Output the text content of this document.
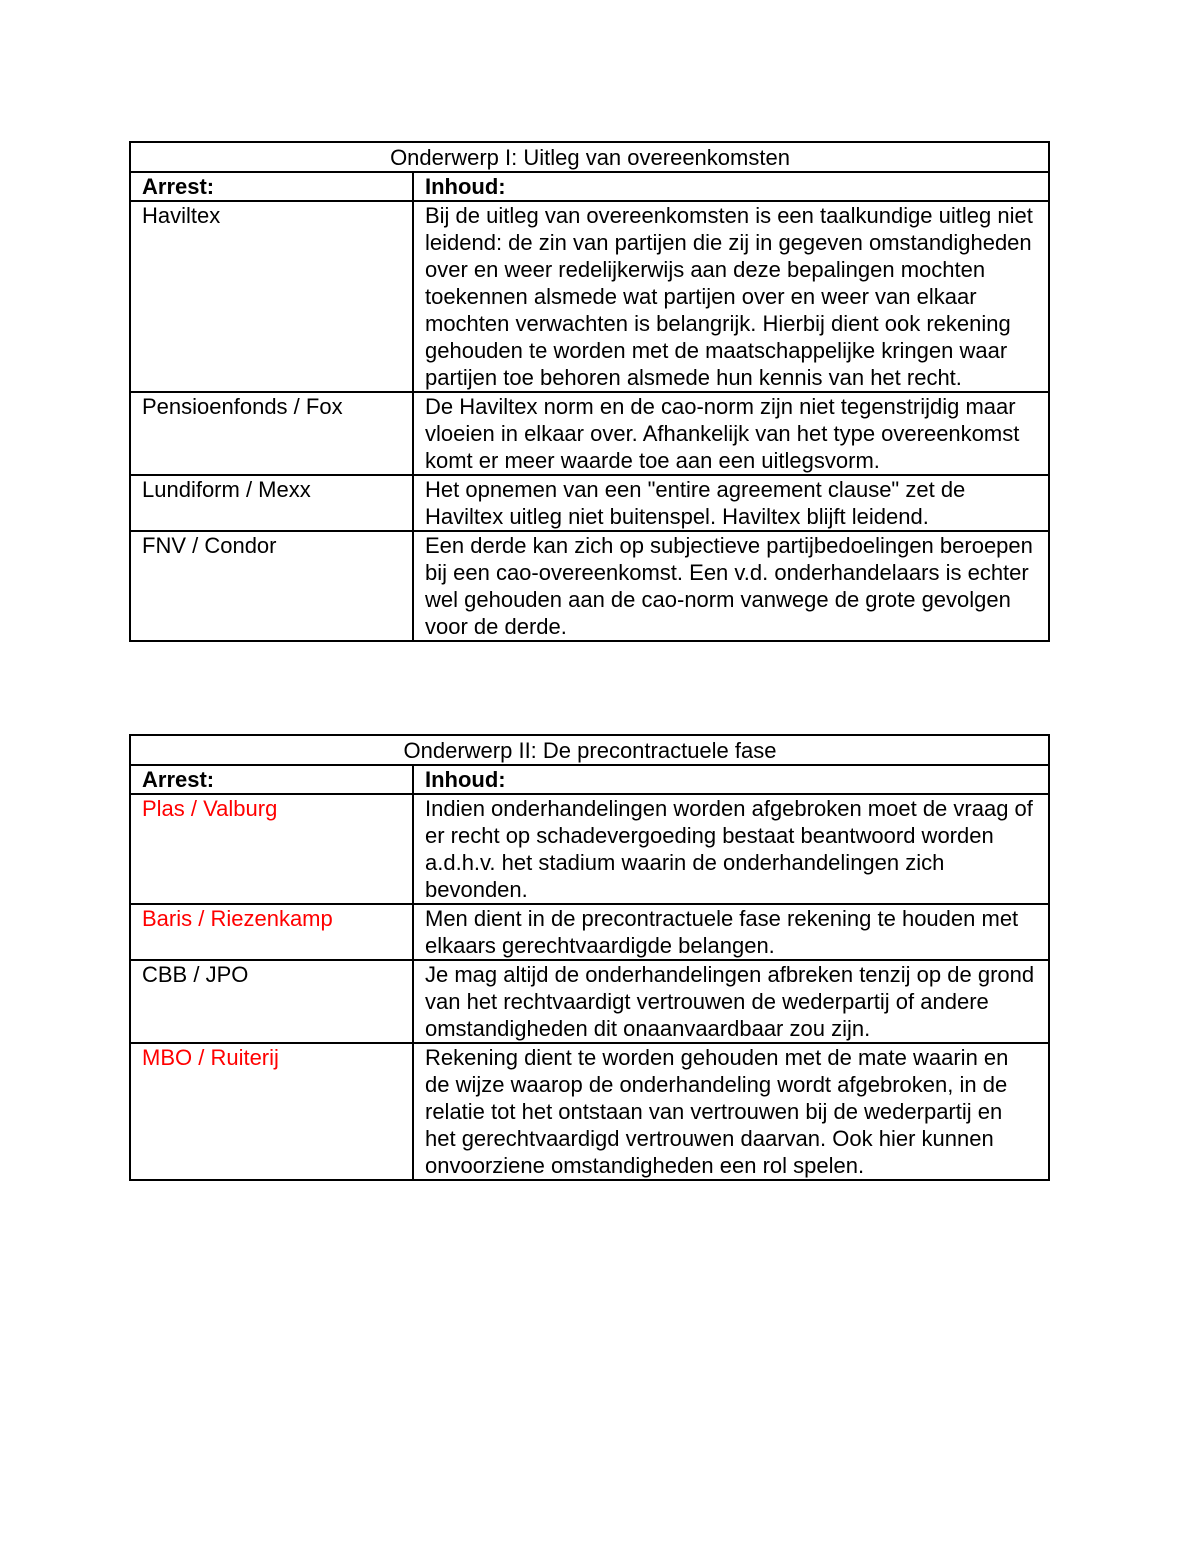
Onderwerp I: Uitleg van overeenkomsten	
Arrest:	Inhoud:
Haviltex	Bij de uitleg van overeenkomsten is een taalkundige uitleg niet leidend: de zin van partijen die zij in gegeven omstandigheden over en weer redelijkerwijs aan deze bepalingen mochten toekennen alsmede wat partijen over en weer van elkaar mochten verwachten is belangrijk. Hierbij dient ook rekening gehouden te worden met de maatschappelijke kringen waar partijen toe behoren alsmede hun kennis van het recht.
Pensioenfonds / Fox	De Haviltex norm en de cao-norm zijn niet tegenstrijdig maar vloeien in elkaar over. Afhankelijk van het type overeenkomst komt er meer waarde toe aan een uitlegsvorm.
Lundiform / Mexx	Het opnemen van een "entire agreement clause" zet de Haviltex uitleg niet buitenspel. Haviltex blijft leidend.
FNV / Condor	Een derde kan zich op subjectieve partijbedoelingen beroepen bij een cao-overeenkomst. Een v.d. onderhandelaars is echter wel gehouden aan de cao-norm vanwege de grote gevolgen voor de derde.
Onderwerp II: De precontractuele fase	
Arrest:	Inhoud:
Plas / Valburg	Indien onderhandelingen worden afgebroken moet de vraag of er recht op schadevergoeding bestaat beantwoord worden a.d.h.v. het stadium waarin de onderhandelingen zich bevonden.
Baris / Riezenkamp	Men dient in de precontractuele fase rekening te houden met elkaars gerechtvaardigde belangen.
CBB / JPO	Je mag altijd de onderhandelingen afbreken tenzij op de grond van het rechtvaardigt vertrouwen de wederpartij of andere omstandigheden dit onaanvaardbaar zou zijn.
MBO / Ruiterij	Rekening dient te worden gehouden met de mate waarin en de wijze waarop de onderhandeling wordt afgebroken, in de relatie tot het ontstaan van vertrouwen bij de wederpartij en het gerechtvaardigd vertrouwen daarvan. Ook hier kunnen onvoorziene omstandigheden een rol spelen.
